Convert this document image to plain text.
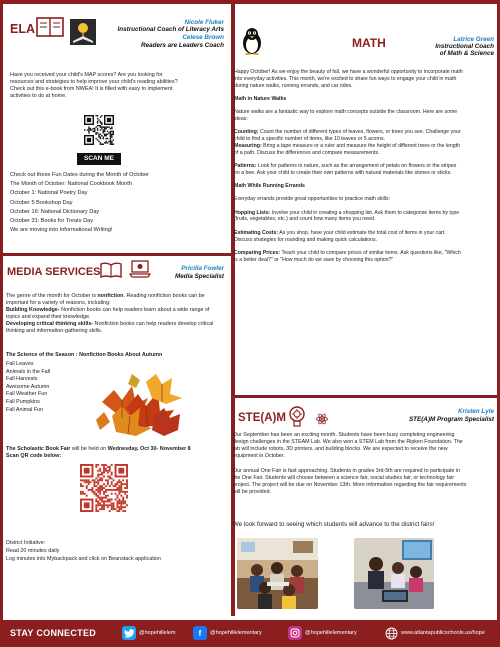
ELA	Nicole Fluker
Instructional Coach of Literacy Arts
Celese Brown
Readers are Leaders Coach
Have you received your child's MAP scores? Are you looking for
resources and strategies to help improve your child's reading abilities?
Check out this e-book from NWEA! It is filled with easy to implement
activities to do at home.
SCAN ME
Check out these Fun Dates during the Month of October
The Month of October: National Cookbook Month
October 1: National Poetry Day
October 5 Bookshop Day
October 16: National Dictionary Day
October 31: Books for Treats Day
We are moving into Informational Writing!
MEDIA SERVICES	Pricilla Fowler
Media Specialist
The genre of the month for October is nonfiction. Reading nonfiction books can be
important for a variety of reasons, including:
Building Knowledge- Nonfiction books can help readers learn about a wide range of
topics and expand their knowledge.
Developing critical thinking skills- Nonfiction books can help readers develop critical
thinking and information-gathering skills.
The Science of the Season : Nonfiction Books About Autumn
Fall Leaves
Animals in the Fall
Fall Harvests
Awesome Autumn
Fall Weather Fun
Fall Pumpkins
Fall Animal Fun
The Scholastic Book Fair will be held on Wednesday, Oct 30- November 8
Scan QR code below:
District Initiative:
Read 20 minutes daily
Log minutes into Mybackpack and click on Beanstack application
MATH	Latrice Green
Instructional Coach
of Math & Science
Happy October! As we enjoy the beauty of fall, we have a wonderful opportunity to incorporate math
into everyday activities. This month, we're excited to share fun ways to engage your child in math
during nature walks, running errands, and car rides.
Math in Nature Walks
Nature walks are a fantastic way to explore math concepts outside the classroom. Here are some
ideas:
Counting: Count the number of different types of leaves, flowers, or trees you see. Challenge your
child to find a specific number of items, like 10 leaves or 5 acorns.
Measuring: Bring a tape measure or a ruler and measure the height of different trees or the length
of a path. Discuss the differences and compare measurements.
Patterns: Look for patterns in nature, such as the arrangement of petals on flowers or the stripes
on a bee. Ask your child to create their own patterns with natural materials like stones or sticks.
Math While Running Errands
Everyday errands provide great opportunities to practice math skills:
Hopping Lists: Involve your child in creating a shopping list. Ask them to categorize items by type
(fruits, vegetables, etc.) and count how many items you need.
Estimating Costs: As you shop, have your child estimate the total cost of items in your cart.
Discuss strategies for rounding and making quick calculations.
Comparing Prices: Teach your child to compare prices of similar items. Ask questions like, "Which
is a better deal?" or "How much do we save by choosing this option?"
STE(A)M
Kristen Lyle
STE(A)M Program Specialist
Our September has been an exciting month. Students have been busy completing engineering
design challenges in the STEAM Lab. We also won a STEM Lab from the Ripken Foundation. The
lab will include robots, 3D printers, and building blocks. We are expected to receive the new
equipment in October.
Our annual One Fair is fast approaching. Students in grades 3rd-5th are required to participate in
the One Fair. Students will choose between a science fair, social studies fair, or technology fair
project. The project will be due on November 13th. More information regarding the fair requirements
will be provided.
We look forward to seeing which students will advance to the district fairs!
STAY CONNECTED	@hopehillelem	f	@hopehillelementary	@hopehillelementary	www.atlantapublicschools.us/hope
